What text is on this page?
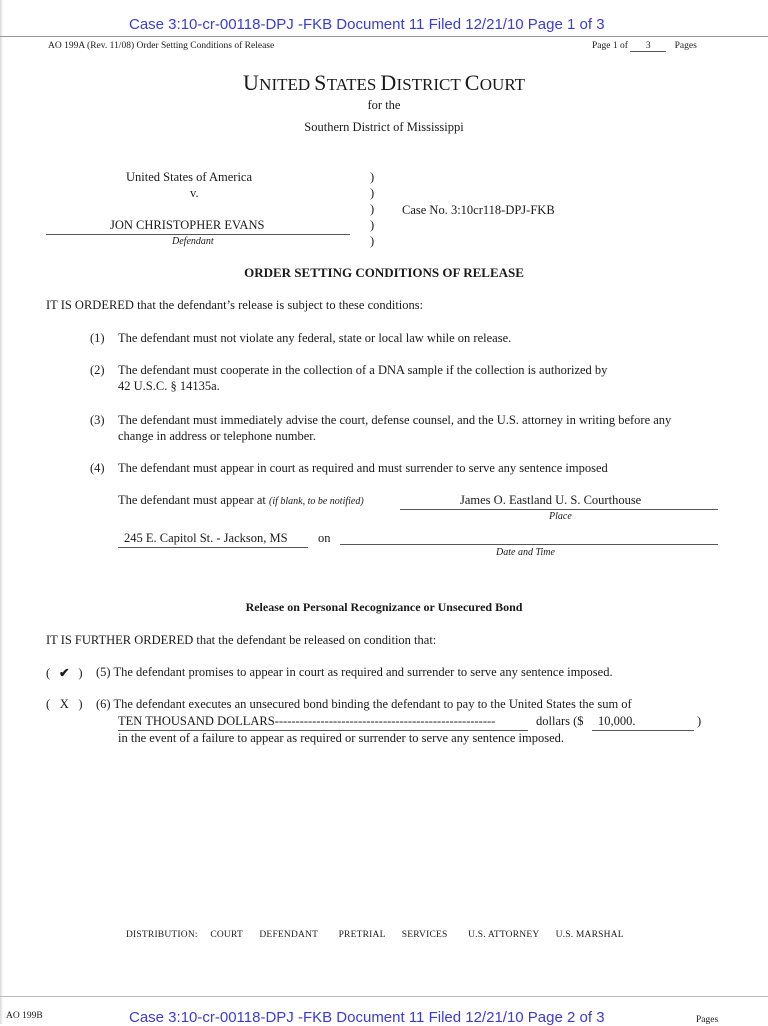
Case 3:10-cr-00118-DPJ -FKB Document 11 Filed 12/21/10 Page 1 of 3
AO 199A (Rev. 11/08) Order Setting Conditions of Release	Page 1 of 3	Pages
UNITED STATES DISTRICT COURT
for the
Southern District of Mississippi
United States of America
v.
JON CHRISTOPHER EVANS
Defendant
)
)
)
)
)
Case No. 3:10cr118-DPJ-FKB
ORDER SETTING CONDITIONS OF RELEASE
IT IS ORDERED that the defendant’s release is subject to these conditions:
(1) The defendant must not violate any federal, state or local law while on release.
(2) The defendant must cooperate in the collection of a DNA sample if the collection is authorized by
42 U.S.C. § 14135a.
(3) The defendant must immediately advise the court, defense counsel, and the U.S. attorney in writing before any
change in address or telephone number.
(4) The defendant must appear in court as required and must surrender to serve any sentence imposed
The defendant must appear at (if blank, to be notified)	James O. Eastland U. S. Courthouse
Place
245 E. Capitol St. - Jackson, MS on
Date and Time
Release on Personal Recognizance or Unsecured Bond
IT IS FURTHER ORDERED that the defendant be released on condition that:
( ✔ ) (5) The defendant promises to appear in court as required and surrender to serve any sentence imposed.
( X ) (6) The defendant executes an unsecured bond binding the defendant to pay to the United States the sum of
TEN THOUSAND DOLLARS-----------------------------------------------------	dollars ($ 10,000.	)
in the event of a failure to appear as required or surrender to serve any sentence imposed.
DISTRIBUTION: COURT DEFENDANT PRETRIAL SERVICES U.S. ATTORNEY U.S. MARSHAL
AO 199B	Case 3:10-cr-00118-DPJ -FKB Document 11 Filed 12/21/10 Page 2 of 3	Pages
